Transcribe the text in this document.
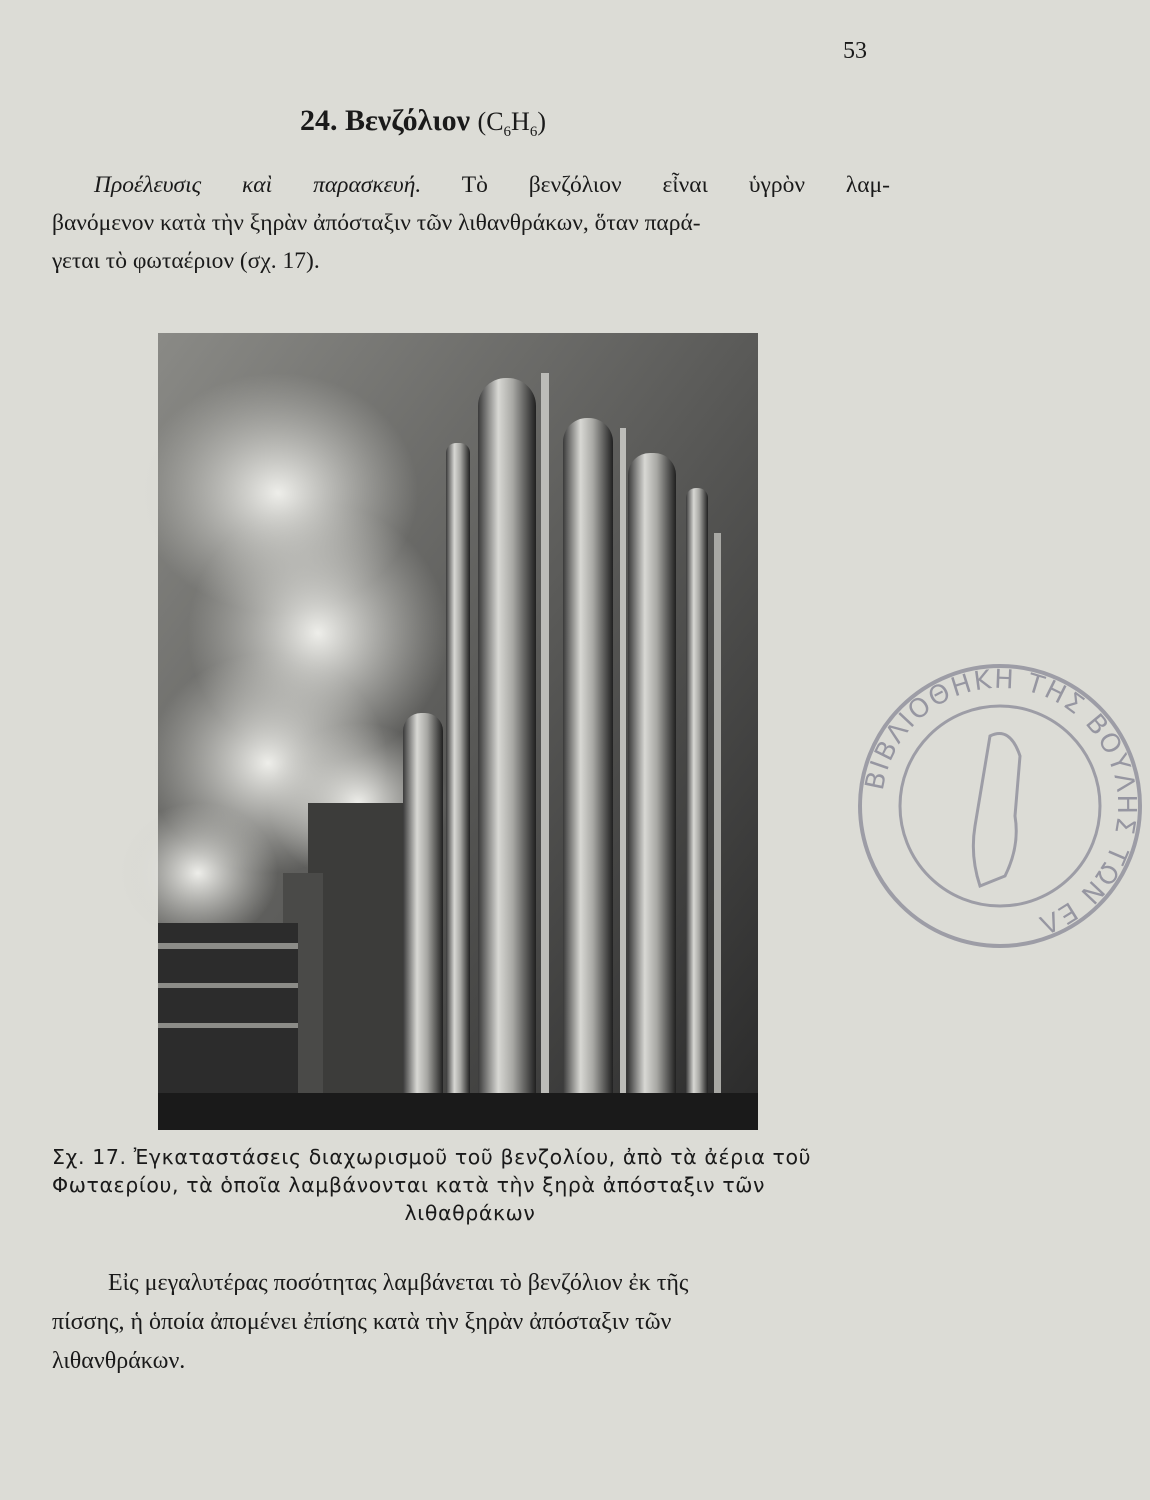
53
24. Βενζόλιον $(C_6H_6)$
Προέλευσις καὶ παρασκευή. Τὸ βενζόλιον εἶναι ὑγρὸν λαμ-
βανόμενον κατὰ τὴν ξηρὰν ἀπόσταξιν τῶν λιθανθράκων, ὅταν παρά-
γεται τὸ φωταέριον (σχ. 17).
Σχ. 17. Ἐγκαταστάσεις διαχωρισμοῦ τοῦ βενζολίου, ἀπὸ τὰ ἀέρια τοῦ
Φωταερίου, τὰ ὁποῖα λαμβάνονται κατὰ τὴν ξηρὰ ἀπόσταξιν τῶν
λιθαθράκων
Εἰς μεγαλυτέρας ποσότητας λαμβάνεται τὸ βενζόλιον ἐκ τῆς
πίσσης, ἡ ὁποία ἀπομένει ἐπίσης κατὰ τὴν ξηρὰν ἀπόσταξιν τῶν
λιθανθράκων.
ΒΙΒΛΙΟΘΗΚΗ ΤΗΣ ΒΟΥΛΗΣ ΤΩΝ ΕΛ
